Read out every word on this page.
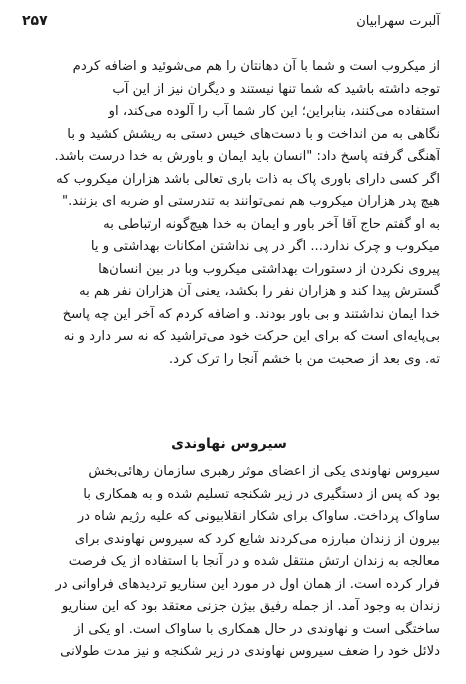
آلبرت سهرابیان
۲۵۷
از میکروب است و شما با آن دهانتان را هم می‌شوئید و اضافه کردم
توجه داشته باشید که شما تنها نیستند و دیگران نیز از این آب
استفاده می‌کنند، بنابراین؛ این کار شما آب را آلوده می‌کند، او
نگاهی به من انداخت و با دست‌های خیس دستی به ریشش کشید و با
آهنگی گرفته پاسخ داد: "انسان باید ایمان و باورش به خدا درست باشد.
اگر کسی دارای باوری پاک به ذات باری تعالی باشد هزاران میکروب که
هیچ پدر هزاران میکروب هم نمی‌توانند به تندرستی او ضربه ای بزنند."
به او گفتم حاج آقا آخر باور و ایمان به خدا هیچ‌گونه ارتباطی به
میکروب و چرک ندارد... اگر در پی نداشتن امکانات بهداشتی و یا
پیروی نکردن از دستورات بهداشتی میکروب وبا در بین انسان‌ها
گسترش پیدا کند و هزاران نفر را بکشد، یعنی آن هزاران نفر هم به
خدا ایمان نداشتند و بی باور بودند. و اضافه کردم که آخر این چه پاسخ
بی‌پایه‌ای است که برای این حرکت خود می‌تراشید که نه سر دارد و نه
ته. وی بعد از صحبت من با خشم آنجا را ترک کرد.
سیروس نهاوندی
سیروس نهاوندی یکی از اعضای موثر رهبری سازمان رهائی‌بخش
بود که پس از دستگیری در زیر شکنجه تسلیم شده و به همکاری با
ساواک پرداخت. ساواک برای شکار انقلابیونی که علیه رژیم شاه در
بیرون از زندان مبارزه می‌کردند شایع کرد که سیروس نهاوندی برای
معالجه به زندان ارتش منتقل شده و در آنجا با استفاده از یک فرصت
فرار کرده است. از همان اول در مورد این سناریو تردیدهای فراوانی در
زندان به وجود آمد. از جمله رفیق بیژن جزنی معتقد بود که این سناریو
ساختگی است و نهاوندی در حال همکاری با ساواک است. او یکی از
دلائل خود را ضعف سیروس نهاوندی در زیر شکنجه و نیز مدت طولانی
